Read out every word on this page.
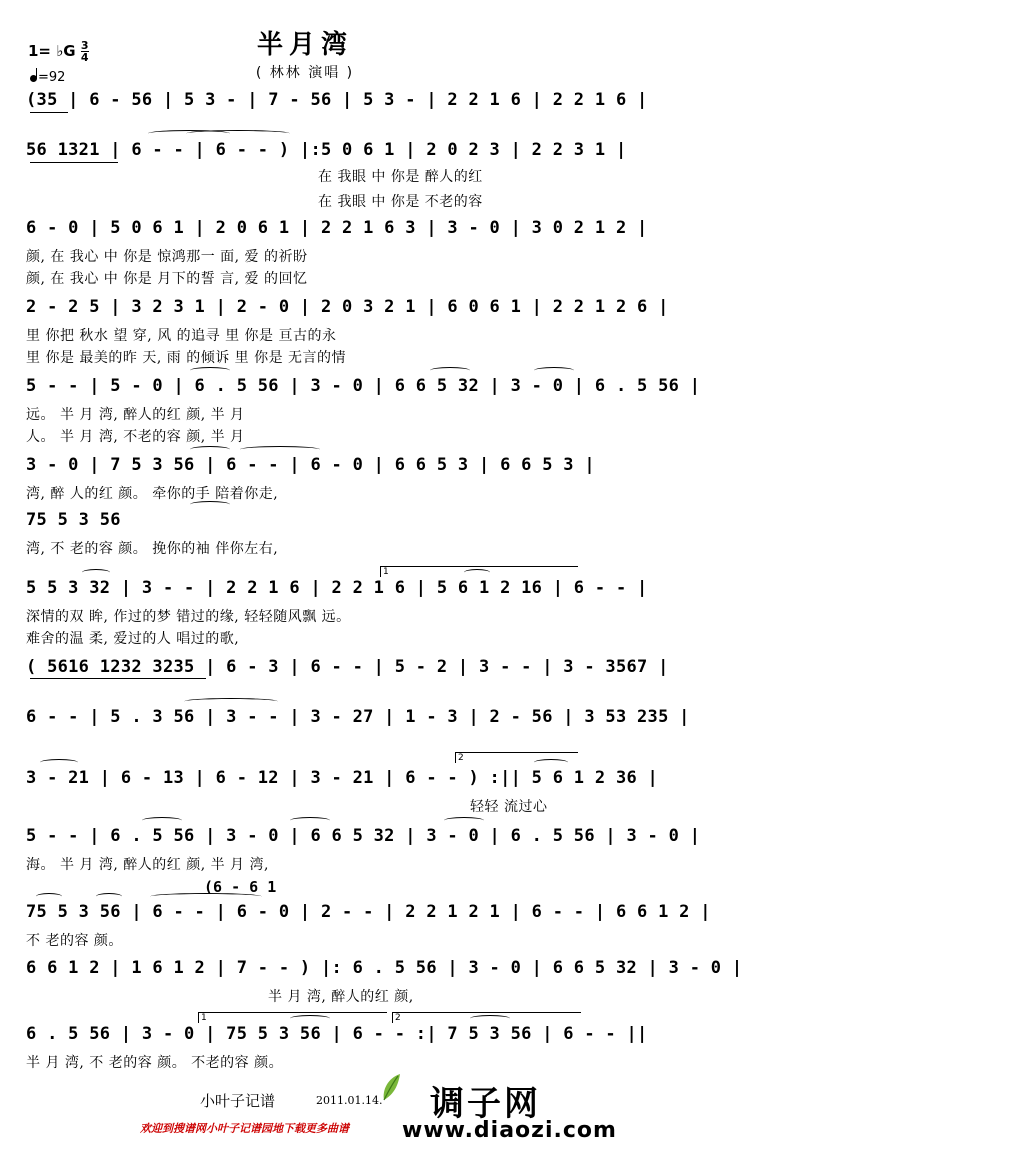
半月湾
( 林林 演唱 )
1= ♭G $\frac{3}{4}$
=92
(35 | 6 - 56 | 5 3 - | 7 - 56 | 5 3 - | 2 2 1 6 | 2 2 1 6 |
56 1321 | 6 - - | 6 - - ) |:5 0 6 1 | 2 0 2 3 | 2 2 3 1 |
在 我眼 中 你是 醉人的红
在 我眼 中 你是 不老的容
6 - 0 | 5 0 6 1 | 2 0 6 1 | 2 2 1 6 3 | 3 - 0 | 3 0 2 1 2 |
颜, 在 我心 中 你是 惊鸿那一 面, 爱 的祈盼
颜, 在 我心 中 你是 月下的誓 言, 爱 的回忆
2 - 2 5 | 3 2 3 1 | 2 - 0 | 2 0 3 2 1 | 6 0 6 1 | 2 2 1 2 6 |
里 你把 秋水 望 穿, 风 的追寻 里 你是 亘古的永
里 你是 最美的昨 天, 雨 的倾诉 里 你是 无言的情
5 - - | 5 - 0 | 6 . 5 56 | 3 - 0 | 6 6 5 32 | 3 - 0 | 6 . 5 56 |
远。 半 月 湾, 醉人的红 颜, 半 月
人。 半 月 湾, 不老的容 颜, 半 月
3 - 0 | 7 5 3 56 | 6 - - | 6 - 0 | 6 6 5 3 | 6 6 5 3 |
湾, 醉 人的红 颜。 牵你的手 陪着你走,
75 5 3 56
湾, 不 老的容 颜。 挽你的袖 伴你左右,
5 5 3 32 | 3 - - | 2 2 1 6 | 2 2 1 6 | 5 6 1 2 16 | 6 - - |
深情的双 眸, 作过的梦 错过的缘, 轻轻随风飘 远。
难舍的温 柔, 爱过的人 唱过的歌,
( 5616 1232 3235 | 6 - 3 | 6 - - | 5 - 2 | 3 - - | 3 - 3567 |
6 - - | 5 . 3 56 | 3 - - | 3 - 27 | 1 - 3 | 2 - 56 | 3 53 235 |
3 - 21 | 6 - 13 | 6 - 12 | 3 - 21 | 6 - - ) :|| 5 6 1 2 36 |
轻轻 流过心
5 - - | 6 . 5 56 | 3 - 0 | 6 6 5 32 | 3 - 0 | 6 . 5 56 | 3 - 0 |
海。 半 月 湾, 醉人的红 颜, 半 月 湾,
75 5 3 56 | 6 - - | 6 - 0 | 2 - - | 2 2 1 2 1 | 6 - - | 6 6 1 2 |
不 老的容 颜。
6 6 1 2 | 1 6 1 2 | 7 - - ) |: 6 . 5 56 | 3 - 0 | 6 6 5 32 | 3 - 0 |
半 月 湾, 醉人的红 颜,
6 . 5 56 | 3 - 0 | 75 5 3 56 | 6 - - :| 7 5 3 56 | 6 - - ||
半 月 湾, 不 老的容 颜。 不老的容 颜。
1
2
1	2
(6 - 6 1
小叶子记谱	2011.01.14. 调子网
www.diaozi.com
欢迎到搜谱网小叶子记谱园地下载更多曲谱
